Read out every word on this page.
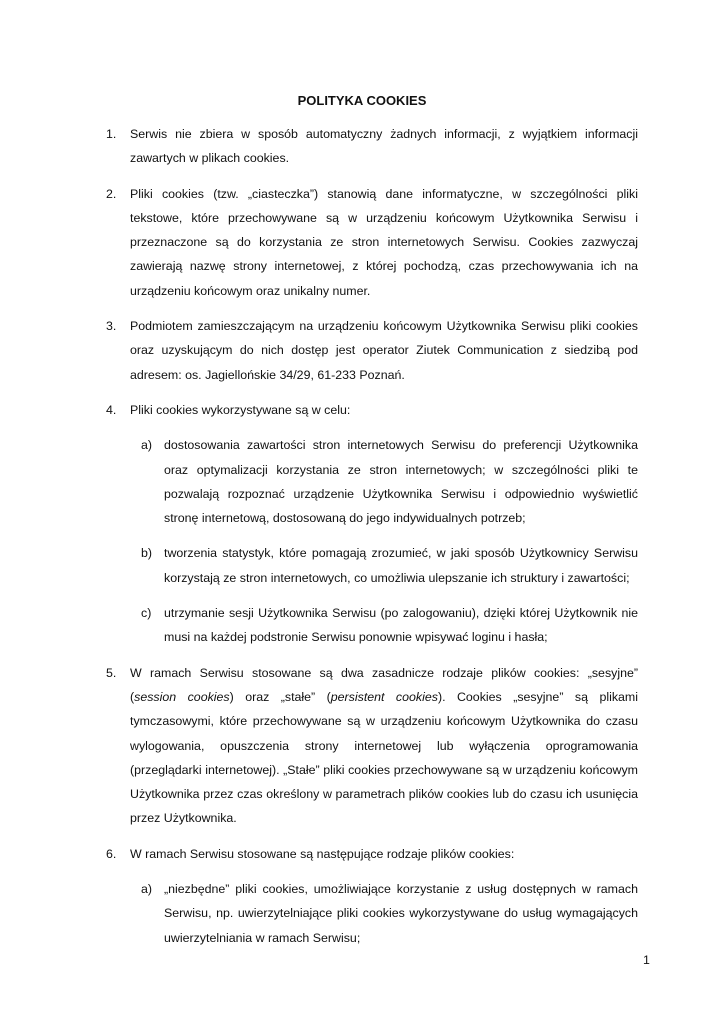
POLITYKA COOKIES
1. Serwis nie zbiera w sposób automatyczny żadnych informacji, z wyjątkiem informacji zawartych w plikach cookies.
2. Pliki cookies (tzw. „ciasteczka”) stanowią dane informatyczne, w szczególności pliki tekstowe, które przechowywane są w urządzeniu końcowym Użytkownika Serwisu i przeznaczone są do korzystania ze stron internetowych Serwisu. Cookies zazwyczaj zawierają nazwę strony internetowej, z której pochodzą, czas przechowywania ich na urządzeniu końcowym oraz unikalny numer.
3. Podmiotem zamieszczającym na urządzeniu końcowym Użytkownika Serwisu pliki cookies oraz uzyskującym do nich dostęp jest operator Ziutek Communication z siedzibą pod adresem: os. Jagiellońskie 34/29, 61-233 Poznań.
4. Pliki cookies wykorzystywane są w celu:
a) dostosowania zawartości stron internetowych Serwisu do preferencji Użytkownika oraz optymalizacji korzystania ze stron internetowych; w szczególności pliki te pozwalają rozpoznać urządzenie Użytkownika Serwisu i odpowiednio wyświetlić stronę internetową, dostosowaną do jego indywidualnych potrzeb;
b) tworzenia statystyk, które pomagają zrozumieć, w jaki sposób Użytkownicy Serwisu korzystają ze stron internetowych, co umożliwia ulepszanie ich struktury i zawartości;
c) utrzymanie sesji Użytkownika Serwisu (po zalogowaniu), dzięki której Użytkownik nie musi na każdej podstronie Serwisu ponownie wpisywać loginu i hasła;
5. W ramach Serwisu stosowane są dwa zasadnicze rodzaje plików cookies: „sesyjne” (session cookies) oraz „stałe” (persistent cookies). Cookies „sesyjne” są plikami tymczasowymi, które przechowywane są w urządzeniu końcowym Użytkownika do czasu wylogowania, opuszczenia strony internetowej lub wyłączenia oprogramowania (przeglądarki internetowej). „Stałe” pliki cookies przechowywane są w urządzeniu końcowym Użytkownika przez czas określony w parametrach plików cookies lub do czasu ich usunięcia przez Użytkownika.
6. W ramach Serwisu stosowane są następujące rodzaje plików cookies:
a) „niezbędne” pliki cookies, umożliwiające korzystanie z usług dostępnych w ramach Serwisu, np. uwierzytelniające pliki cookies wykorzystywane do usług wymagających uwierzytelniania w ramach Serwisu;
1
